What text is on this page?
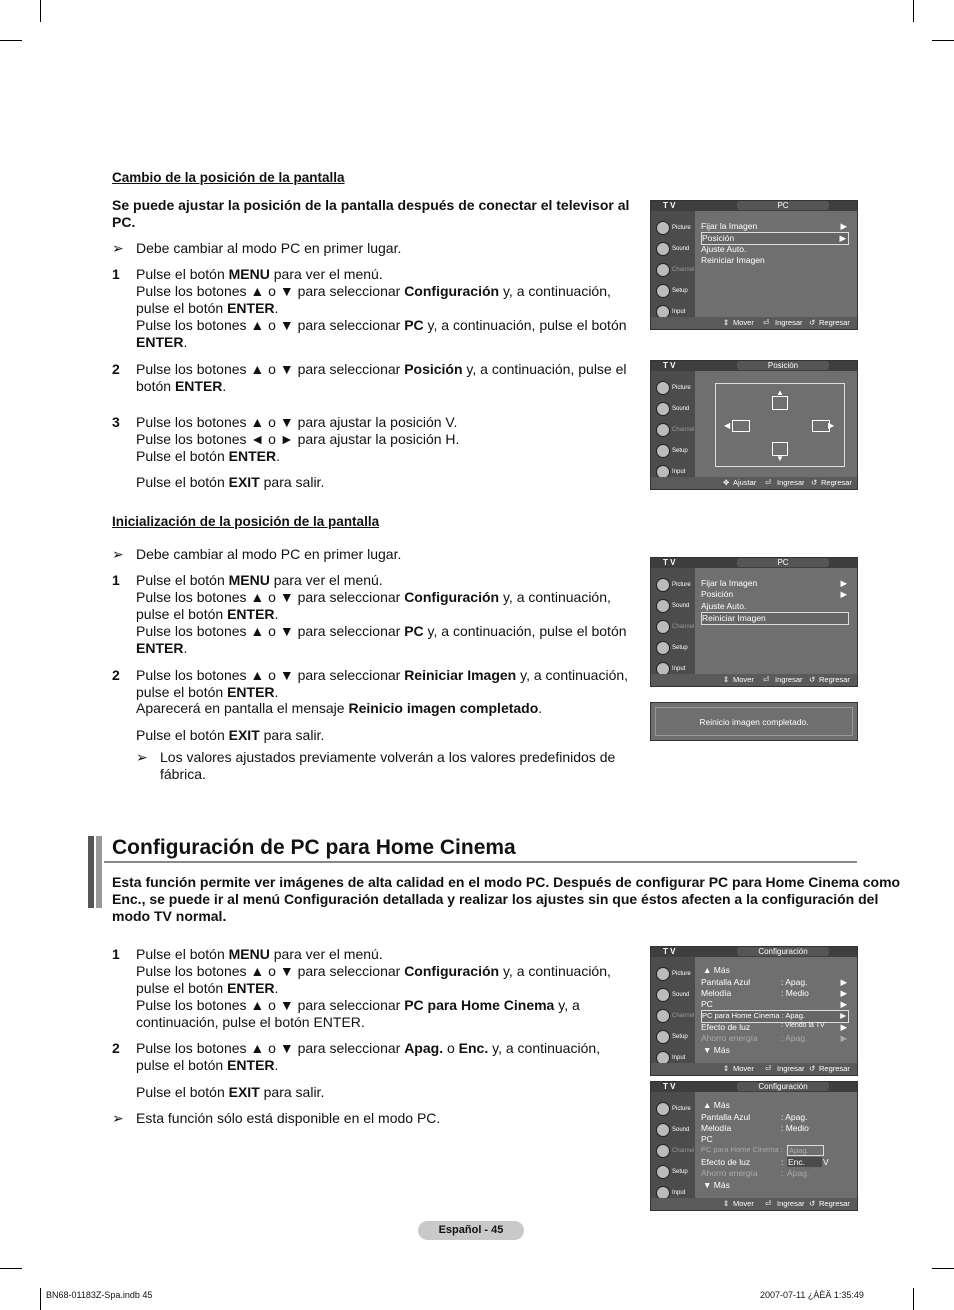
Cambio de la posición de la pantalla
Se puede ajustar la posición de la pantalla después de conectar el televisor al
PC.
➢ Debe cambiar al modo PC en primer lugar.
1 Pulse el botón MENU para ver el menú.
Pulse los botones ▲ o ▼ para seleccionar Configuración y, a continuación,
pulse el botón ENTER.
Pulse los botones ▲ o ▼ para seleccionar PC y, a continuación, pulse el botón
ENTER.
2 Pulse los botones ▲ o ▼ para seleccionar Posición y, a continuación, pulse el
botón ENTER.
3 Pulse los botones ▲ o ▼ para ajustar la posición V.
Pulse los botones ◄ o ► para ajustar la posición H.
Pulse el botón ENTER.
Pulse el botón EXIT para salir.
Inicialización de la posición de la pantalla
➢ Debe cambiar al modo PC en primer lugar.
1 Pulse el botón MENU para ver el menú.
Pulse los botones ▲ o ▼ para seleccionar Configuración y, a continuación,
pulse el botón ENTER.
Pulse los botones ▲ o ▼ para seleccionar PC y, a continuación, pulse el botón
ENTER.
2 Pulse los botones ▲ o ▼ para seleccionar Reiniciar Imagen y, a continuación,
pulse el botón ENTER.
Aparecerá en pantalla el mensaje Reinicio imagen completado.
Pulse el botón EXIT para salir.
➢ Los valores ajustados previamente volverán a los valores predefinidos de
fábrica.
Configuración de PC para Home Cinema
Esta función permite ver imágenes de alta calidad en el modo PC. Después de configurar PC para Home Cinema como
Enc., se puede ir al menú Configuración detallada y realizar los ajustes sin que éstos afecten a la configuración del
modo TV normal.
1 Pulse el botón MENU para ver el menú.
Pulse los botones ▲ o ▼ para seleccionar Configuración y, a continuación,
pulse el botón ENTER.
Pulse los botones ▲ o ▼ para seleccionar PC para Home Cinema y, a
continuación, pulse el botón ENTER.
2 Pulse los botones ▲ o ▼ para seleccionar Apag. o Enc. y, a continuación,
pulse el botón ENTER.
Pulse el botón EXIT para salir.
➢ Esta función sólo está disponible en el modo PC.
T V	PC
Picture
Sound
Channel
Setup
Input
Fijar la Imagen	▶
Posición	▶
Ajuste Auto.
Reiniciar Imagen
⇕ Mover ⏎ Ingresar ↺ Regresar
T V	Posición
Picture
Sound
Channel
Setup
Input
▲
▼
◀	▶
✥ Ajustar ⏎ Ingresar ↺ Regresar
T V	PC
Picture
Sound
Channel
Setup
Input
Fijar la Imagen	▶
Posición	▶
Ajuste Auto.
Reiniciar Imagen
⇕ Mover ⏎ Ingresar ↺ Regresar
Reinicio imagen completado.
T V	Configuración
Picture
Sound
Channel
Setup
Input
▲ Más
Pantalla Azul	: Apag.	▶
Melodía	: Medio	▶
PC	▶
PC para Home Cinema : Apag.	▶
Efecto de luz	: Viendo la TV ▶
Ahorro energía	: Apag.	▶
▼ Más
⇕ Mover ⏎ Ingresar ↺ Regresar
T V	Configuración
Picture
Sound
Channel
Setup
Input
▲ Más
Pantalla Azul	: Apag.
Melodía	: Medio
PC
PC para Home Cinema : Apag.
Efecto de luz	: Enc.	V
Ahorro energía	: Apag.
▼ Más
⇕ Mover ⏎ Ingresar ↺ Regresar
Español - 45
BN68-01183Z-Spa.indb 45	2007-07-11 ¿ÀÈÄ 1:35:49
